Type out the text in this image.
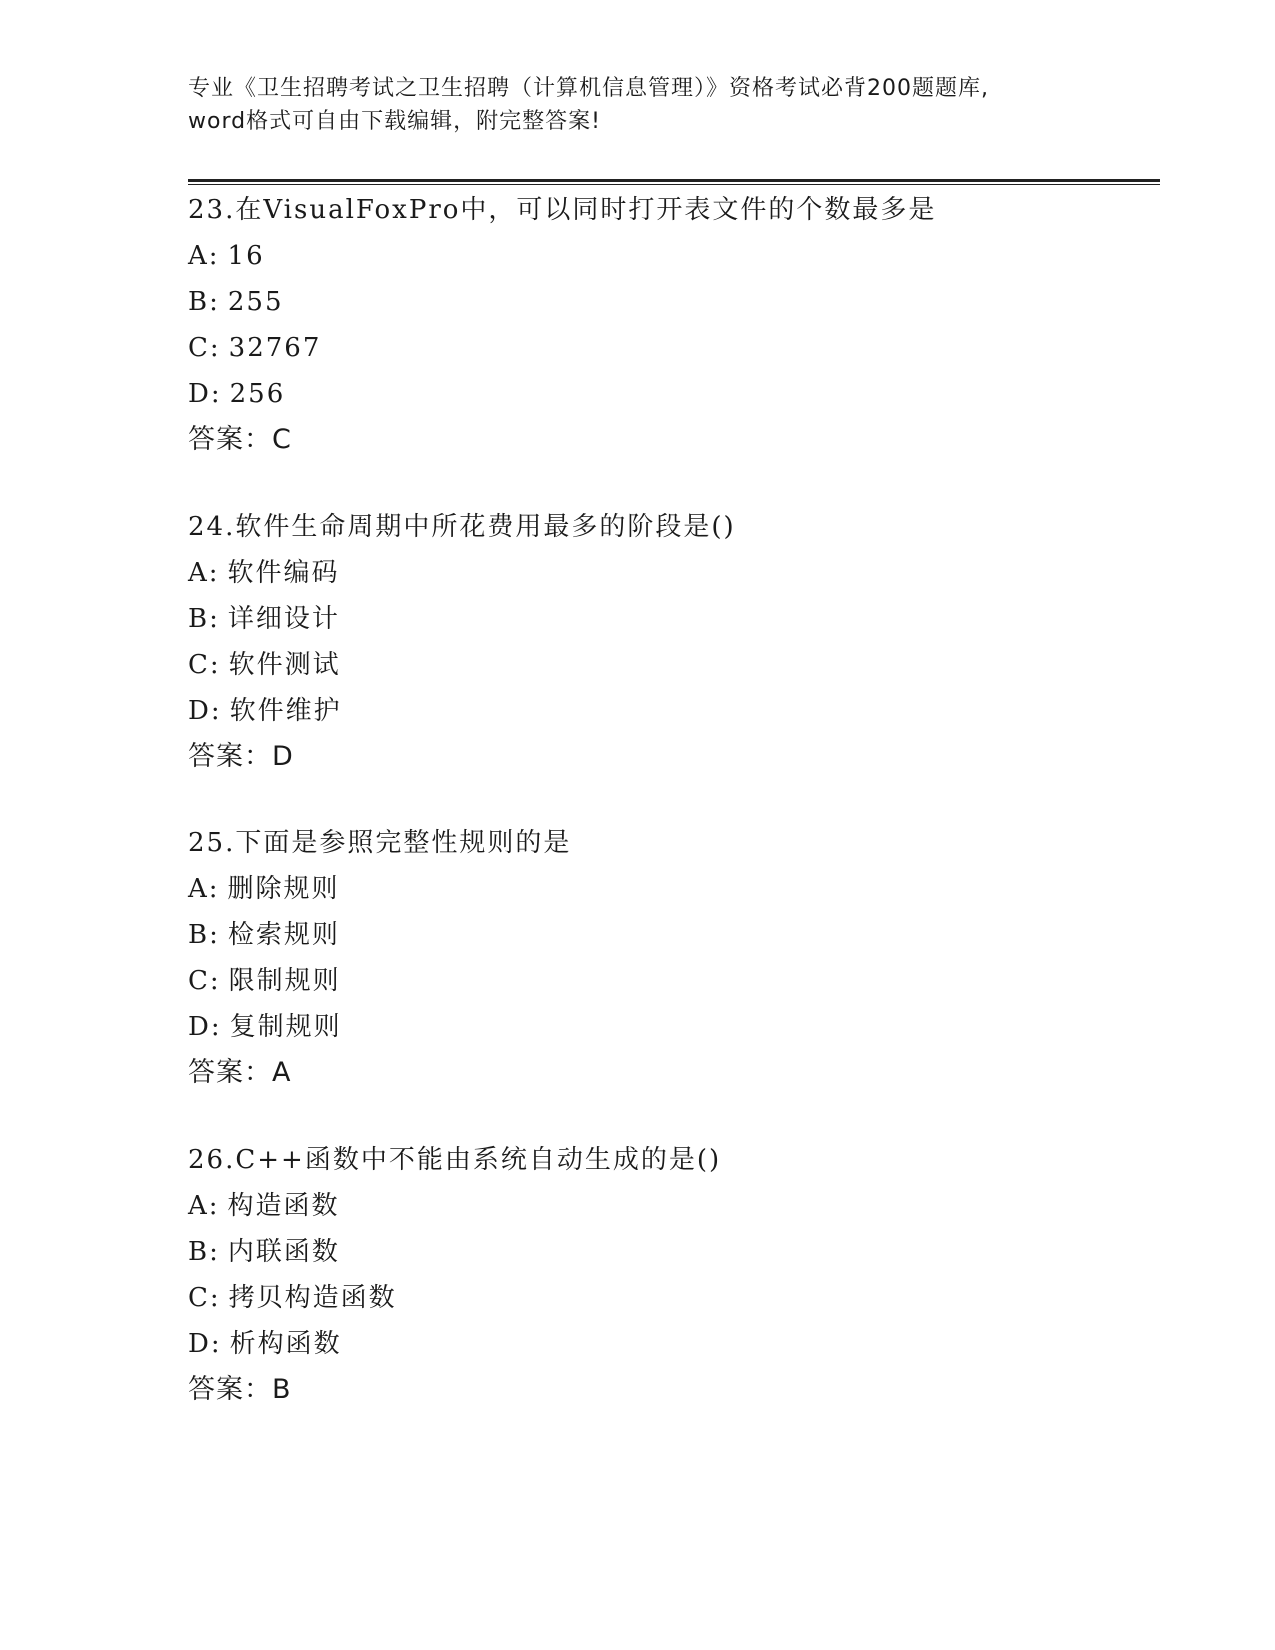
专业《卫生招聘考试之卫生招聘（计算机信息管理）》资格考试必背200题题库,
word格式可自由下载编辑，附完整答案!
23.在VisualFoxPro中，可以同时打开表文件的个数最多是
A: 16
B: 255
C: 32767
D: 256
答案：C
24.软件生命周期中所花费用最多的阶段是()
A: 软件编码
B: 详细设计
C: 软件测试
D: 软件维护
答案：D
25.下面是参照完整性规则的是
A: 删除规则
B: 检索规则
C: 限制规则
D: 复制规则
答案：A
26.C++函数中不能由系统自动生成的是()
A: 构造函数
B: 内联函数
C: 拷贝构造函数
D: 析构函数
答案：B
